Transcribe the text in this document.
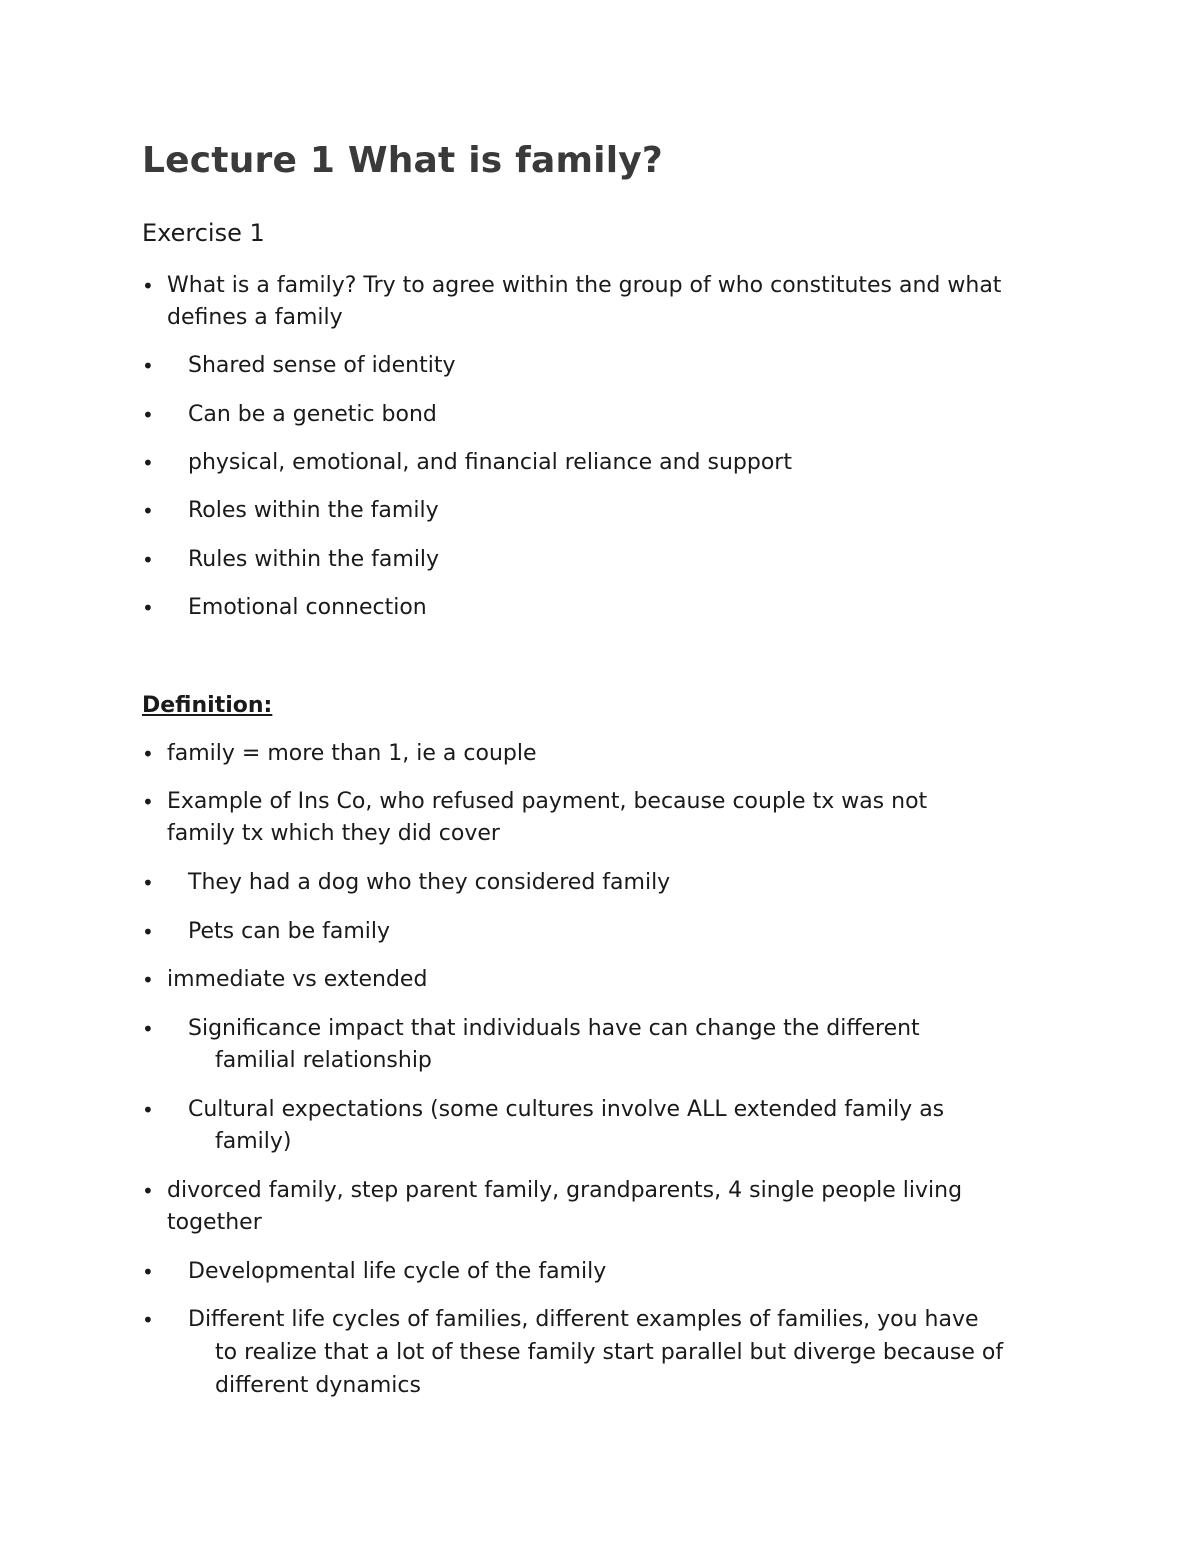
Lecture 1 What is family?
Exercise 1
• What is a family? Try to agree within the group of who constitutes and what
defines a family
• Shared sense of identity
• Can be a genetic bond
• physical, emotional, and financial reliance and support
• Roles within the family
• Rules within the family
• Emotional connection
Definition:
• family = more than 1, ie a couple
• Example of Ins Co, who refused payment, because couple tx was not
family tx which they did cover
• They had a dog who they considered family
• Pets can be family
• immediate vs extended
• Significance impact that individuals have can change the different
familial relationship
• Cultural expectations (some cultures involve ALL extended family as
family)
• divorced family, step parent family, grandparents, 4 single people living
together
• Developmental life cycle of the family
• Different life cycles of families, different examples of families, you have
to realize that a lot of these family start parallel but diverge because of
different dynamics
